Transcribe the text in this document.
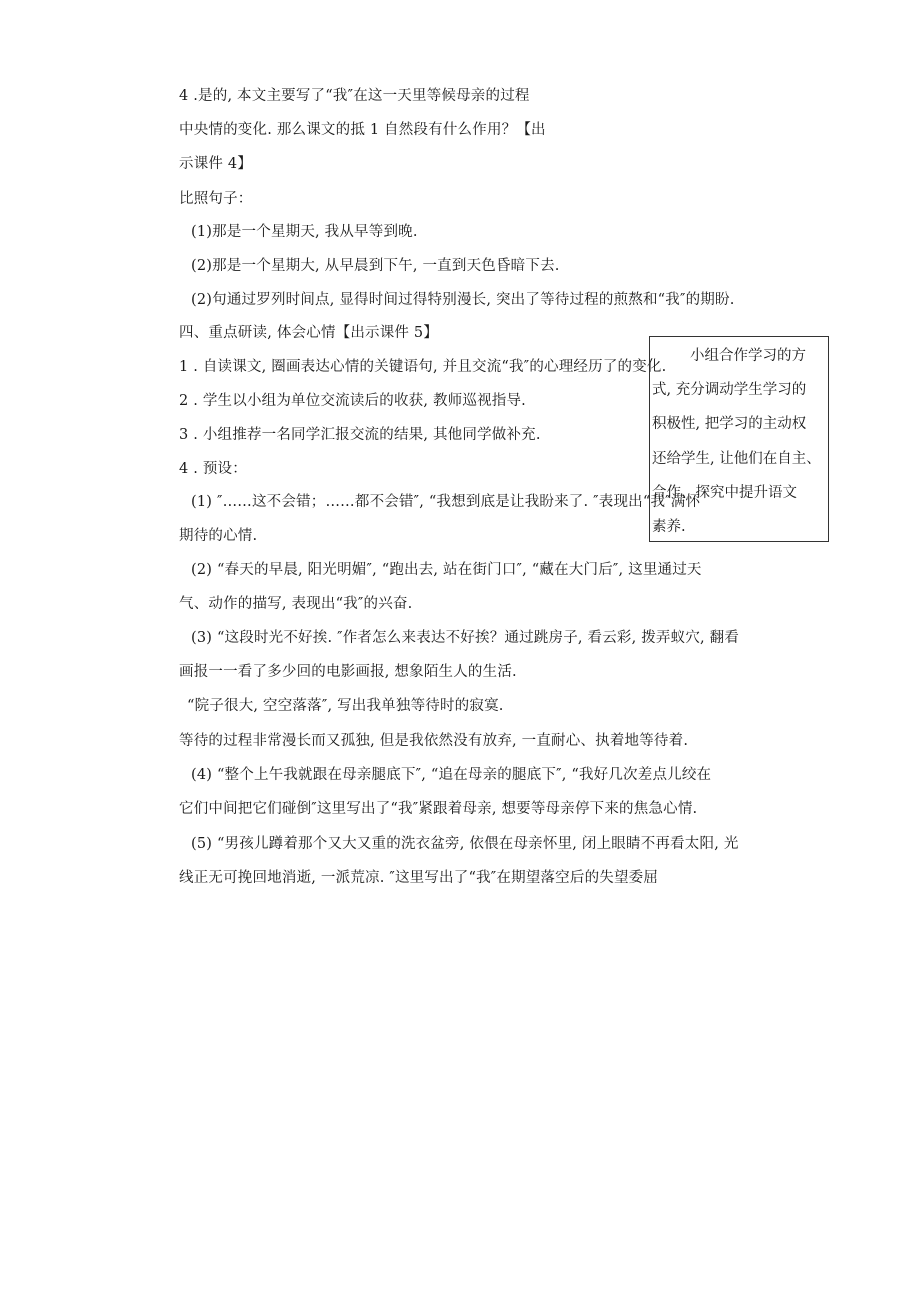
4 .是的, 本文主要写了“我″在这一天里等候母亲的过程
中央情的变化. 那么课文的抵 1 自然段有什么作用？【出
示课件 4】
比照句子：
(1)那是一个星期天, 我从早等到晚.
(2)那是一个星期大, 从早晨到下午, 一直到天色昏暗下去.
(2)句通过罗列时间点, 显得时间过得特别漫长, 突出了等待过程的煎熬和“我″的期盼.
四、重点研读, 体会心情【出示课件 5】
1 . 自读课文, 圈画表达心情的关键语句, 并且交流“我″的心理经历了的变化.
2 . 学生以小组为单位交流读后的收获, 教师巡视指导.
3 . 小组推荐一名同学汇报交流的结果, 其他同学做补充.
4 . 预设：
(1) ″……这不会错；……都不会错″, “我想到底是让我盼来了. ″表现出“我″满怀
期待的心情.
(2) “春天的早晨, 阳光明媚″, “跑出去, 站在街门口″, “藏在大门后″, 这里通过天
气、动作的描写, 表现出“我″的兴奋.
(3) “这段时光不好挨. ″作者怎么来表达不好挨？通过跳房子, 看云彩, 拨弄蚁穴, 翻看
画报一一看了多少回的电影画报, 想象陌生人的生活.
“院子很大, 空空落落″, 写出我单独等待时的寂寞.
等待的过程非常漫长而又孤独, 但是我依然没有放弃, 一直耐心、执着地等待着.
(4) “整个上午我就跟在母亲腿底下″, “追在母亲的腿底下″, “我好几次差点儿绞在
它们中间把它们碰倒″这里写出了“我″紧跟着母亲, 想要等母亲停下来的焦急心情.
(5) “男孩儿蹲着那个又大又重的洗衣盆旁, 依偎在母亲怀里, 闭上眼睛不再看太阳, 光
线正无可挽回地消逝, 一派荒凉. ″这里写出了“我″在期望落空后的失望委屈
小组合作学习的方
式, 充分调动学生学习的
积极性, 把学习的主动权
还给学生, 让他们在自主、
合作、探究中提升语文
素养.
